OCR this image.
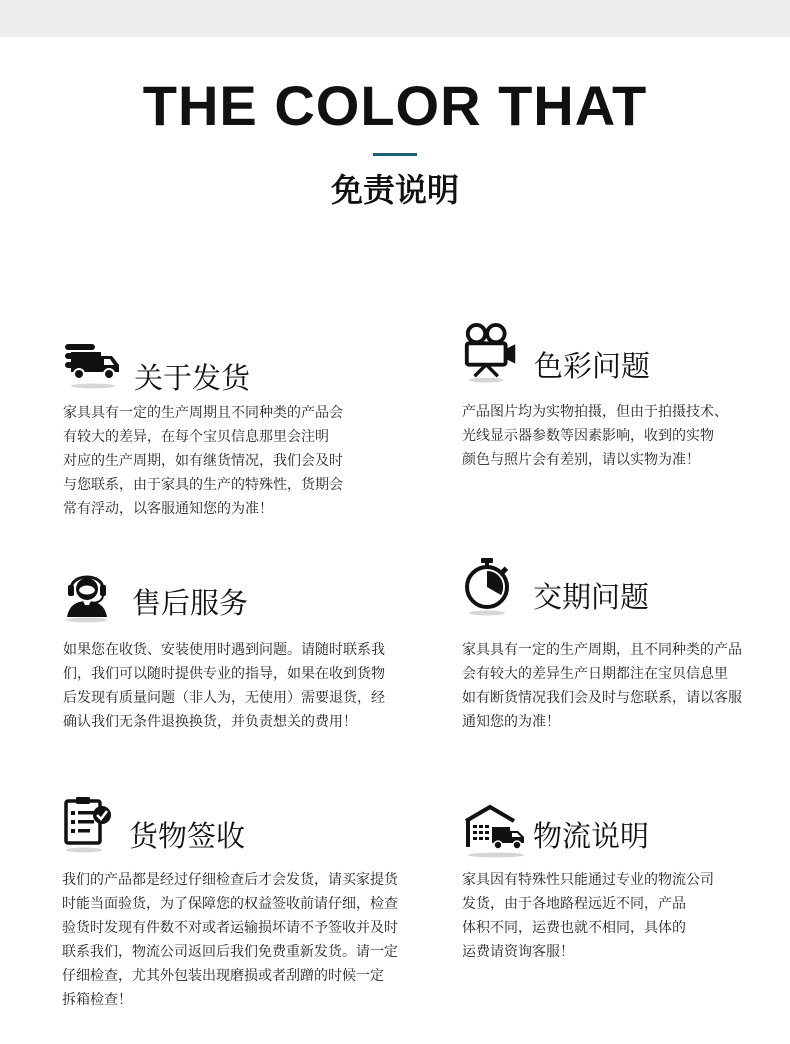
THE COLOR THAT
免责说明
关于发货
家具具有一定的生产周期且不同种类的产品会
有较大的差异，在每个宝贝信息那里会注明
对应的生产周期，如有继货情况，我们会及时
与您联系，由于家具的生产的特殊性，货期会
常有浮动，以客服通知您的为准！
色彩问题
产品图片均为实物拍摄，但由于拍摄技术、
光线显示器参数等因素影响，收到的实物
颜色与照片会有差别，请以实物为准！
售后服务
如果您在收货、安装使用时遇到问题。请随时联系我
们，我们可以随时提供专业的指导，如果在收到货物
后发现有质量问题（非人为，无使用）需要退货，经
确认我们无条件退换换货，并负责想关的费用！
交期问题
家具具有一定的生产周期，且不同种类的产品
会有较大的差异生产日期都注在宝贝信息里
如有断货情况我们会及时与您联系，请以客服
通知您的为准！
货物签收
我们的产品都是经过仔细检查后才会发货，请买家提货
时能当面验货，为了保障您的权益签收前请仔细，检查
验货时发现有件数不对或者运输损坏请不予签收并及时
联系我们，物流公司返回后我们免费重新发货。请一定
仔细检查，尤其外包装出现磨损或者刮蹭的时候一定
拆箱检查！
物流说明
家具因有特殊性只能通过专业的物流公司
发货，由于各地路程远近不同，产品
体积不同，运费也就不相同，具体的
运费请资询客服！
